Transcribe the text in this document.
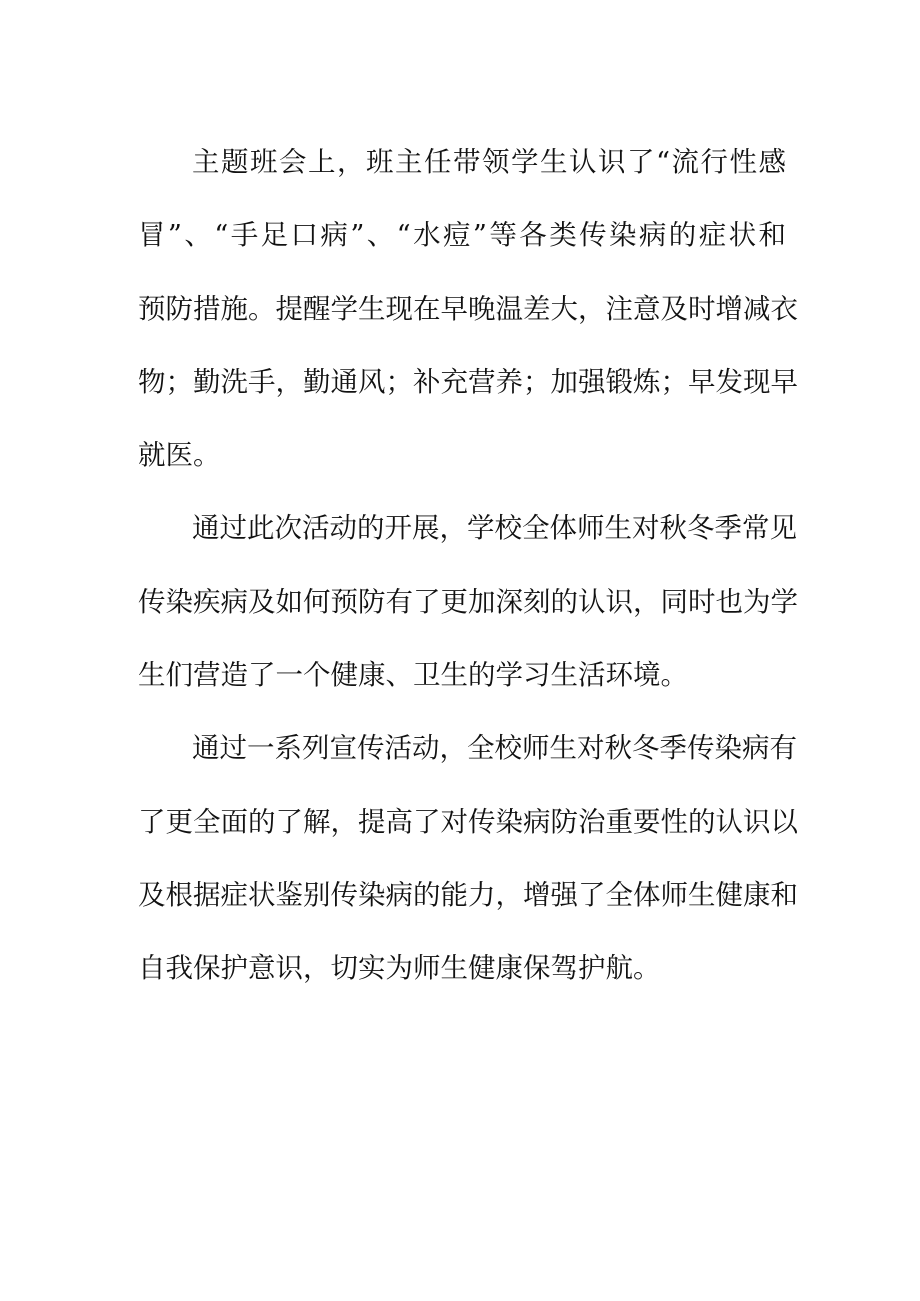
主题班会上，班主任带领学生认识了“流行性感
冒”、“手足口病”、“水痘”等各类传染病的症状和
预防措施。提醒学生现在早晚温差大，注意及时增减衣
物；勤洗手，勤通风；补充营养；加强锻炼；早发现早
就医。
通过此次活动的开展，学校全体师生对秋冬季常见
传染疾病及如何预防有了更加深刻的认识，同时也为学
生们营造了一个健康、卫生的学习生活环境。
通过一系列宣传活动，全校师生对秋冬季传染病有
了更全面的了解，提高了对传染病防治重要性的认识以
及根据症状鉴别传染病的能力，增强了全体师生健康和
自我保护意识，切实为师生健康保驾护航。
